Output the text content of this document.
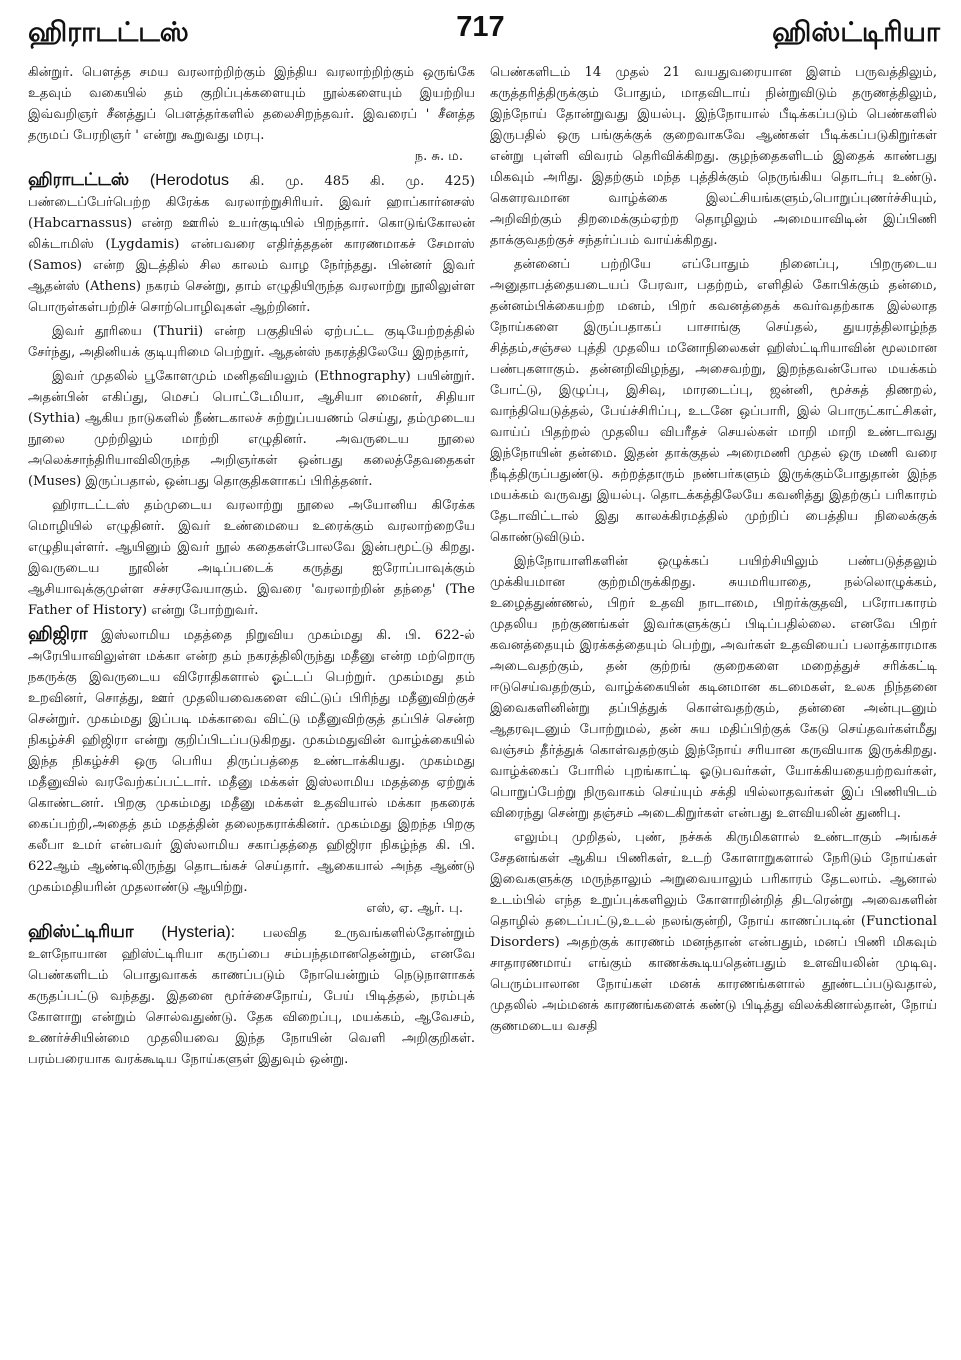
ஹிராடட்டஸ்	717	ஹிஸ்ட்டிரியா

கின்றுர். பௌத்த சமய வரலாற்றிற்கும் இந்திய வரலாற்றிற்கும் ஒருங்கே உதவும் வகையில் தம் குறிப்புக்களையும் நூல்களையும் இயற்றிய இவ்வறிஞர் சீனத்துப் பௌத்தர்களில் தலைசிறந்தவர். இவரைப் ' சீனத்த தருமப் பேரறிஞர் ' என்று கூறுவது மரபு.
ந. சு. ம.

ஹிராடட்டஸ் (Herodotus கி. மு. 485 கி. மு. 425) பண்டைப்பேர்பெற்ற கிரேக்க வரலாற்றுசிரியர். இவர் ஹாப்கார்னசஸ் (Habcarnassus) என்ற ஊரில் உயர்குடியில் பிறந்தார். கொடுங்கோலன் லிக்டாமிஸ் (Lygdamis) என்பவரை எதிர்த்ததன் காரணமாகச் சேமாஸ் (Samos) என்ற இடத்தில் சில காலம் வாழ நேர்ந்தது. பின்னர் இவர் ஆதன்ஸ் (Athens) நகரம் சென்று, தாம் எழுதியிருந்த வரலாற்று நூலிலுள்ள பொருள்கள்பற்றிச் சொற்பொழிவுகள் ஆற்றினர்.

இவர் தூரியை (Thurii) என்ற பகுதியில் ஏற்பட்ட குடியேற்றத்தில் சேர்ந்து, அதினியக் குடியுரிமை பெற்றுர். ஆதன்ஸ் நகரத்திலேயே இறந்தார்,

இவர் முதலில் பூகோளமும் மனிதவியலும் (Ethnography) பயின்றுர். அதன்பின் எகிப்து, மெசப் பொட்டேமியா, ஆசியா மைனர், சிதியா (Sythia) ஆகிய நாடுகளில் நீண்டகாலச் சுற்றுப்பயணம் செய்து, தம்முடைய நூலை முற்றிலும் மாற்றி எழுதினர். அவருடைய நூலை அலெக்சாந்திரியாவிலிருந்த அறிஞர்கள் ஒன்பது கலைத்தேவதைகள் (Muses) இருப்பதால், ஒன்பது தொகுதிகளாகப் பிரித்தனர்.

ஹிராடட்டஸ் தம்முடைய வரலாற்று நூலை அயோனிய கிரேக்க மொழியில் எழுதினர். இவர் உண்மையை உரைக்கும் வரலாற்றையே எழுதியுள்ளர். ஆயினும் இவர் நூல் கதைகள்போலவே இன்பமூட்டு கிறது. இவருடைய நூலின் அடிப்படைக் கருத்து ஐரோப்பாவுக்கும் ஆசியாவுக்குமுள்ள சச்சரவேயாகும். இவரை 'வரலாற்றின் தந்தை' (The Father of History) என்று போற்றுவர்.

ஹிஜிரா இஸ்லாமிய மதத்தை நிறுவிய முகம்மது கி. பி. 622-ல் அரேபியாவிலுள்ள மக்கா என்ற தம் நகரத்திலிருந்து மதீனு என்ற மற்றொரு நகருக்கு இவருடைய விரோதிகளால் ஓட்டப் பெற்றுர். முகம்மது தம் உறவினர், சொத்து, ஊர் முதலியவைகளை விட்டுப் பிரிந்து மதீனுவிற்குச் சென்றுர். முகம்மது இப்படி மக்காவை விட்டு மதீனுவிற்குத் தப்பிச் சென்ற நிகழ்ச்சி ஹிஜிரா என்று குறிப்பிடப்படுகிறது. முகம்மதுவின் வாழ்க்கையில் இந்த நிகழ்ச்சி ஒரு பெரிய திருப்பத்தை உண்டாக்கியது. முகம்மது மதீனுவில் வரவேற்கப்பட்டார். மதீனு மக்கள் இஸ்லாமிய மதத்தை ஏற்றுக் கொண்டனர். பிறகு முகம்மது மதீனு மக்கள் உதவியால் மக்கா நகரைக் கைப்பற்றி,அதைத் தம் மதத்தின் தலைநகராக்கினர். முகம்மது இறந்த பிறகு கலீபா உமர் என்பவர் இஸ்லாமிய சகாப்தத்தை ஹிஜிரா நிகழ்ந்த கி. பி. 622ஆம் ஆண்டிலிருந்து தொடங்கச் செய்தார். ஆகையால் அந்த ஆண்டு முகம்மதியரின் முதலாண்டு ஆயிற்று.
எஸ், ஏ. ஆர். பு.

ஹிஸ்ட்டிரியா (Hysteria): பலவித உருவங்களில்தோன்றும் உளநோயான ஹிஸ்ட்டிரியா கருப்பை சம்பந்தமானதென்றும், எனவே பெண்களிடம் பொதுவாகக் காணப்படும் நோயென்றும் நெடுநாளாகக் கருதப்பட்டு வந்தது. இதனை மூர்ச்சைநோய், பேய் பிடித்தல், நரம்புக் கோளாறு என்றும் சொல்வதுண்டு. தேக விறைப்பு, மயக்கம், ஆவேசம், உணர்ச்சியின்மை முதலியவை இந்த நோயின் வெளி அறிகுறிகள். பரம்பரையாக வரக்கூடிய நோய்களுள் இதுவும் ஒன்று.

பெண்களிடம் 14 முதல் 21 வயதுவரையான இளம் பருவத்திலும், கருத்தரித்திருக்கும் போதும், மாதவிடாய் நின்றுவிடும் தருணத்திலும், இந்நோய் தோன்றுவது இயல்பு. இந்நோயால் பீடிக்கப்படும் பெண்களில் இருபதில் ஒரு பங்குக்குக் குறைவாகவே ஆண்கள் பீடிக்கப்படுகிறுர்கள் என்று புள்ளி விவரம் தெரிவிக்கிறது. குழந்தைகளிடம் இதைக் காண்பது மிகவும் அரிது. இதற்கும் மந்த புத்திக்கும் நெருங்கிய தொடர்பு உண்டு. கௌரவமான வாழ்க்கை இலட்சியங்களும்,பொறுப்புணர்ச்சியும், அறிவிற்கும் திறமைக்கும்ஏற்ற தொழிலும் அமையாவிடின் இப்பிணி தாக்குவதற்குச் சந்தர்ப்பம் வாய்க்கிறது.

தன்னைப் பற்றியே எப்போதும் நினைப்பு, பிறருடைய அனுதாபத்தையடையப் பேரவா, பதற்றம், எளிதில் கோபிக்கும் தன்மை, தன்னம்பிக்கையற்ற மனம், பிறர் கவனத்தைக் கவர்வதற்காக இல்லாத நோய்களை இருப்பதாகப் பாசாங்கு செய்தல், துயரத்திலாழ்ந்த சித்தம்,சஞ்சல புத்தி முதலிய மனோநிலைகள் ஹிஸ்ட்டிரியாவின் மூலமான பண்புகளாகும். தன்னறிவிழந்து, அசைவற்று, இறந்தவன்போல மயக்கம் போட்டு, இழுப்பு, இசிவு, மாரடைப்பு, ஜன்னி, மூச்சுத் திணறல், வாந்தியெடுத்தல், பேய்ச்சிரிப்பு, உடனே ஒப்பாரி, இல் பொருட்காட்சிகள், வாய்ப் பிதற்றல் முதலிய விபரீதச் செயல்கள் மாறி மாறி உண்டாவது இந்நோயின் தன்மை. இதன் தாக்குதல் அரைமணி முதல் ஒரு மணி வரை நீடித்திருப்பதுண்டு. சுற்றத்தாரும் நண்பர்களும் இருக்கும்போதுதான் இந்த மயக்கம் வருவது இயல்பு. தொடக்கத்திலேயே கவனித்து இதற்குப் பரிகாரம் தேடாவிட்டால் இது காலக்கிரமத்தில் முற்றிப் பைத்திய நிலைக்குக் கொண்டுவிடும்.

இந்நோயாளிகளின் ஒழுக்கப் பயிற்சியிலும் பண்படுத்தலும் முக்கியமான குற்றமிருக்கிறது. சுயமரியாதை, நல்லொழுக்கம், உழைத்துண்ணல், பிறர் உதவி நாடாமை, பிறர்க்குதவி, பரோபகாரம் முதலிய நற்குணங்கள் இவர்களுக்குப் பிடிப்பதில்லை. எனவே பிறர் கவனத்தையும் இரக்கத்தையும் பெற்று, அவர்கள் உதவியைப் பலாத்காரமாக அடைவதற்கும், தன் குற்றங் குறைகளை மறைத்துச் சரிக்கட்டி ஈடுசெய்வதற்கும், வாழ்க்கையின் கடினமான கடமைகள், உலக நிந்தனை இவைகளினின்று தப்பித்துக் கொள்வதற்கும், தன்னை அன்புடனும் ஆதரவுடனும் போற்றுமல், தன் சுய மதிப்பிற்குக் கேடு செய்தவர்கள்மீது வஞ்சம் தீர்த்துக் கொள்வதற்கும் இந்நோய் சரியான கருவியாக இருக்கிறது. வாழ்க்கைப் போரில் புறங்காட்டி ஓடுபவர்கள், யோக்கியதையற்றவர்கள், பொறுப்பேற்று நிருவாகம் செய்யும் சக்தி யில்லாதவர்கள் இப் பிணியிடம் விரைந்து சென்று தஞ்சம் அடைகிறுர்கள் என்பது உளவியலின் துணிபு.

எலும்பு முறிதல், புண், நச்சுக் கிருமிகளால் உண்டாகும் அங்கச் சேதனங்கள் ஆகிய பிணிகள், உடற் கோளாறுகளால் நேரிடும் நோய்கள் இவைகளுக்கு மருந்தாலும் அறுவையாலும் பரிகாரம் தேடலாம். ஆனால் உடம்பில் எந்த உறுப்புக்களிலும் கோளாறின்றித் திடரென்று அவைகளின் தொழில் தடைப்பட்டு,உடல் நலங்குன்றி, நோய் காணப்படின் (Functional Disorders) அதற்குக் காரணம் மனந்தான் என்பதும், மனப் பிணி மிகவும் சாதாரணமாய் எங்கும் காணக்கூடியதென்பதும் உளவியலின் முடிவு. பெரும்பாலான நோய்கள் மனக் காரணங்களால் தூண்டப்படுவதால், முதலில் அம்மனக் காரணங்களைக் கண்டு பிடித்து விலக்கினால்தான், நோய் குணமடைய வசதி
